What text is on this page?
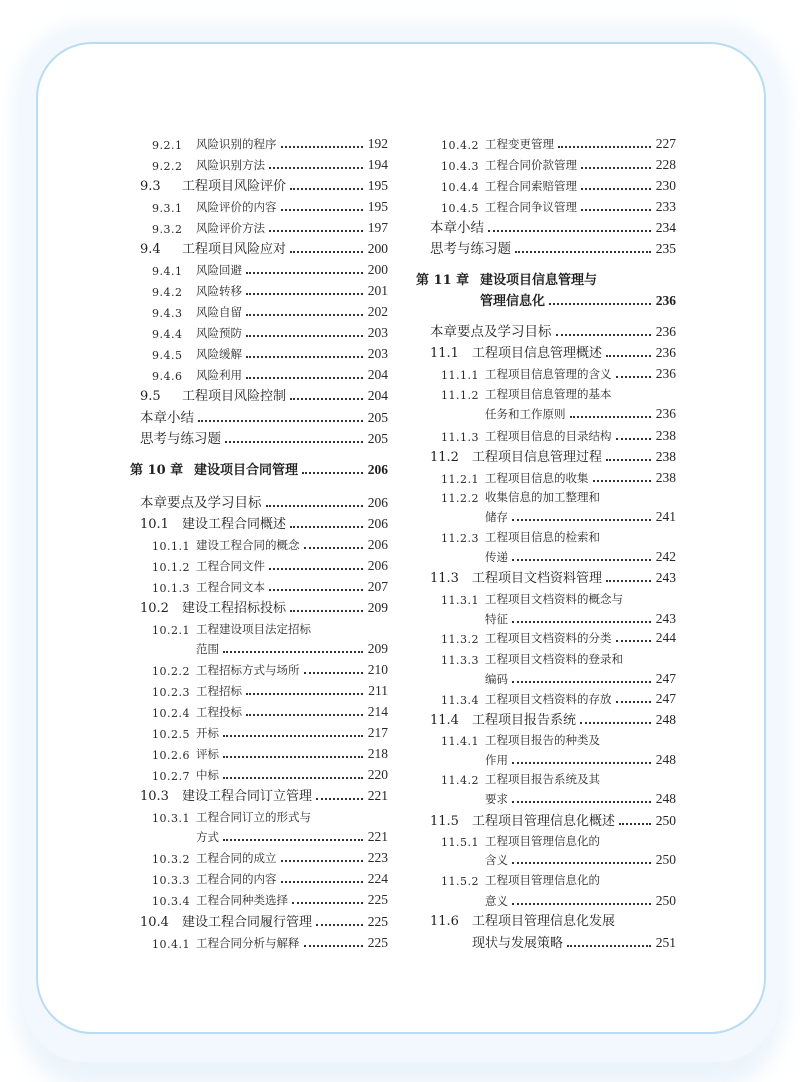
9.2.1	风险识别的程序	192
9.2.2	风险识别方法	194
9.3	工程项目风险评价	195
9.3.1	风险评价的内容	195
9.3.2	风险评价方法	197
9.4	工程项目风险应对	200
9.4.1	风险回避	200
9.4.2	风险转移	201
9.4.3	风险自留	202
9.4.4	风险预防	203
9.4.5	风险缓解	203
9.4.6	风险利用	204
9.5	工程项目风险控制	204
本章小结	205
思考与练习题	205
第 10 章 建设项目合同管理	206
本章要点及学习目标	206
10.1	建设工程合同概述	206
10.1.1 建设工程合同的概念	206
10.1.2 工程合同文件	206
10.1.3 工程合同文本	207
10.2	建设工程招标投标	209
10.2.1 工程建设项目法定招标
范围	209
10.2.2 工程招标方式与场所	210
10.2.3 工程招标	211
10.2.4 工程投标	214
10.2.5 开标	217
10.2.6 评标	218
10.2.7 中标	220
10.3	建设工程合同订立管理	221
10.3.1 工程合同订立的形式与
方式	221
10.3.2 工程合同的成立	223
10.3.3 工程合同的内容	224
10.3.4 工程合同种类选择	225
10.4	建设工程合同履行管理	225
10.4.1 工程合同分析与解释	225
10.4.2 工程变更管理	227
10.4.3 工程合同价款管理	228
10.4.4 工程合同索赔管理	230
10.4.5 工程合同争议管理	233
本章小结	234
思考与练习题	235
第 11 章 建设项目信息管理与
管理信息化	236
本章要点及学习目标	236
11.1	工程项目信息管理概述	236
11.1.1 工程项目信息管理的含义	236
11.1.2 工程项目信息管理的基本
任务和工作原则	236
11.1.3 工程项目信息的目录结构	238
11.2	工程项目信息管理过程	238
11.2.1 工程项目信息的收集	238
11.2.2 收集信息的加工整理和
储存	241
11.2.3 工程项目信息的检索和
传递	242
11.3	工程项目文档资料管理	243
11.3.1 工程项目文档资料的概念与
特征	243
11.3.2 工程项目文档资料的分类	244
11.3.3 工程项目文档资料的登录和
编码	247
11.3.4 工程项目文档资料的存放	247
11.4	工程项目报告系统	248
11.4.1 工程项目报告的种类及
作用	248
11.4.2 工程项目报告系统及其
要求	248
11.5	工程项目管理信息化概述	250
11.5.1 工程项目管理信息化的
含义	250
11.5.2 工程项目管理信息化的
意义	250
11.6	工程项目管理信息化发展
现状与发展策略	251
